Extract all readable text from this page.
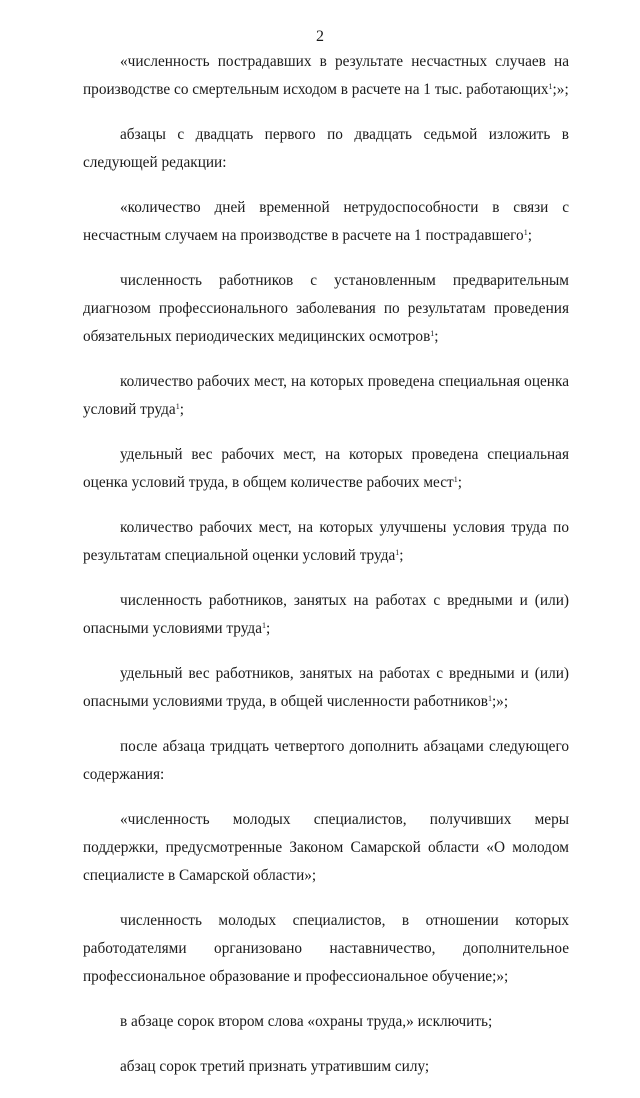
2

«численность пострадавших в результате несчастных случаев на производстве со смертельным исходом в расчете на 1 тыс. работающих$^1$;»;

абзацы с двадцать первого по двадцать седьмой изложить в следующей редакции:

«количество дней временной нетрудоспособности в связи с несчастным случаем на производстве в расчете на 1 пострадавшего$^1$;

численность работников с установленным предварительным диагнозом профессионального заболевания по результатам проведения обязательных периодических медицинских осмотров$^1$;

количество рабочих мест, на которых проведена специальная оценка условий труда$^1$;

удельный вес рабочих мест, на которых проведена специальная оценка условий труда, в общем количестве рабочих мест$^1$;

количество рабочих мест, на которых улучшены условия труда по результатам специальной оценки условий труда$^1$;

численность работников, занятых на работах с вредными и (или) опасными условиями труда$^1$;

удельный вес работников, занятых на работах с вредными и (или) опасными условиями труда, в общей численности работников$^1$;»;

после абзаца тридцать четвертого дополнить абзацами следующего содержания:

«численность молодых специалистов, получивших меры поддержки, предусмотренные Законом Самарской области «О молодом специалисте в Самарской области»;

численность молодых специалистов, в отношении которых работодателями организовано наставничество, дополнительное профессиональное образование и профессиональное обучение;»;

в абзаце сорок втором слова «охраны труда,» исключить;

абзац сорок третий признать утратившим силу;
